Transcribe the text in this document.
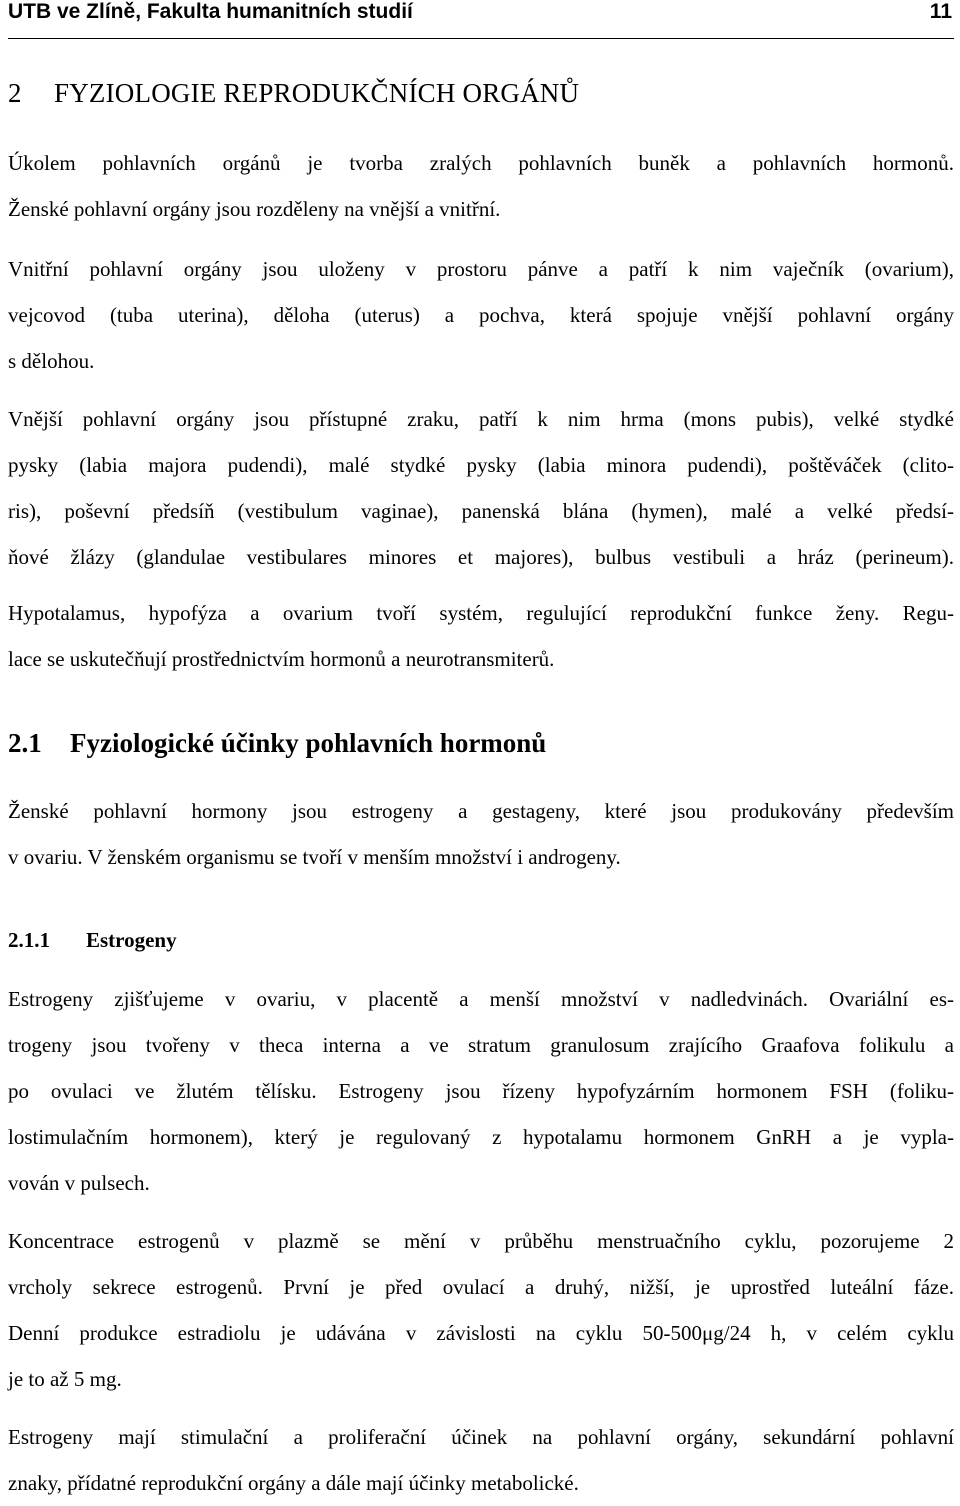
UTB ve Zlíně, Fakulta humanitních studií	11
2 FYZIOLOGIE REPRODUKČNÍCH ORGÁNŮ

Úkolem pohlavních orgánů je tvorba zralých pohlavních buněk a pohlavních hormonů.
Ženské pohlavní orgány jsou rozděleny na vnější a vnitřní.

Vnitřní pohlavní orgány jsou uloženy v prostoru pánve a patří k nim vaječník (ovarium),
vejcovod (tuba uterina), děloha (uterus) a pochva, která spojuje vnější pohlavní orgány
s dělohou.

Vnější pohlavní orgány jsou přístupné zraku, patří k nim hrma (mons pubis), velké stydké
pysky (labia majora pudendi), malé stydké pysky (labia minora pudendi), poštěváček (clito-
ris), poševní předsíň (vestibulum vaginae), panenská blána (hymen), malé a velké předsí-
ňové žlázy (glandulae vestibulares minores et majores), bulbus vestibuli a hráz (perineum).

Hypotalamus, hypofýza a ovarium tvoří systém, regulující reprodukční funkce ženy. Regu-
lace se uskutečňují prostřednictvím hormonů a neurotransmiterů.

2.1 Fyziologické účinky pohlavních hormonů

Ženské pohlavní hormony jsou estrogeny a gestageny, které jsou produkovány především
v ovariu. V ženském organismu se tvoří v menším množství i androgeny.

2.1.1 Estrogeny

Estrogeny zjišťujeme v ovariu, v placentě a menší množství v nadledvinách. Ovariální es-
trogeny jsou tvořeny v theca interna a ve stratum granulosum zrajícího Graafova folikulu a
po ovulaci ve žlutém tělísku. Estrogeny jsou řízeny hypofyzárním hormonem FSH (foliku-
lostimulačním hormonem), který je regulovaný z hypotalamu hormonem GnRH a je vypla-
vován v pulsech.

Koncentrace estrogenů v plazmě se mění v průběhu menstruačního cyklu, pozorujeme 2
vrcholy sekrece estrogenů. První je před ovulací a druhý, nižší, je uprostřed luteální fáze.
Denní produkce estradiolu je udávána v závislosti na cyklu 50-500μg/24 h, v celém cyklu
je to až 5 mg.

Estrogeny mají stimulační a proliferační účinek na pohlavní orgány, sekundární pohlavní
znaky, přídatné reprodukční orgány a dále mají účinky metabolické.
